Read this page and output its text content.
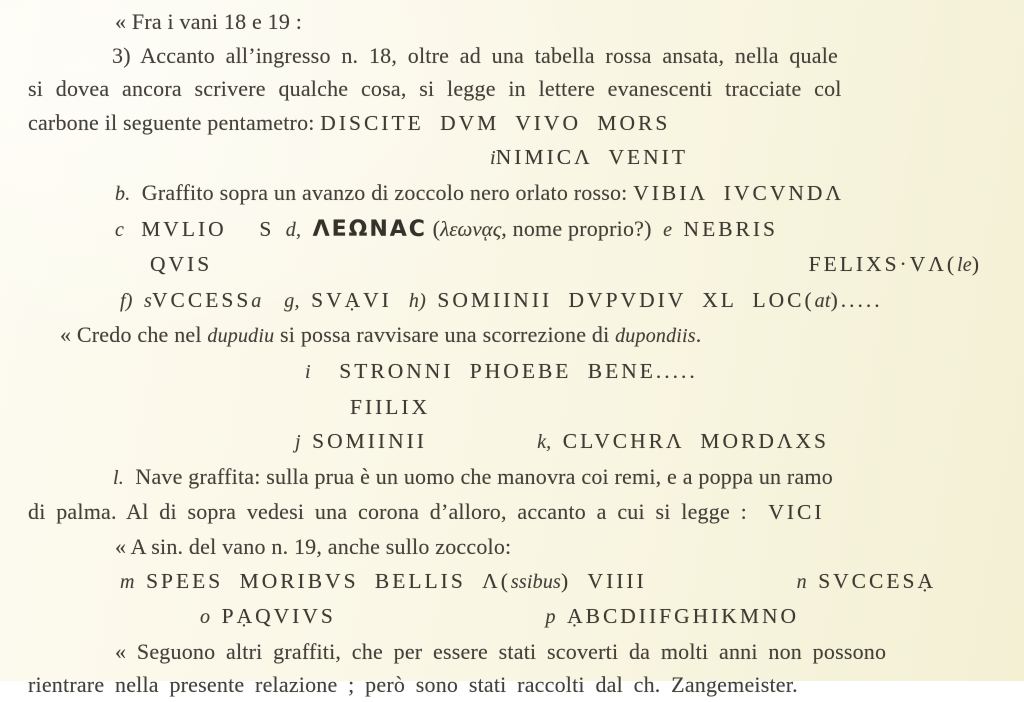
« Fra i vani 18 e 19 :
3) Accanto all’ingresso n. 18, oltre ad una tabella rossa ansata, nella quale
si dovea ancora scrivere qualche cosa, si legge in lettere evanescenti tracciate col
carbone il seguente pentametro: DISCITE DVM VIVO MORS
iNIMICΛ VENIT
b.  Graffito sopra un avanzo di zoccolo nero orlato rosso: VIBIΛ IVCVNDΛ
c MVLIO  S d, ΛΕΩΝΑC (λεωνᾳς, nome proprio?) e NEBRIS
QVIS	FELIXS·VΛ(le)
f) sVCCESSa g, SVẠVI h) SOMIINII DVPVDIV XL LOC(at).....
« Credo che nel dupudiu si possa ravvisare una scorrezione di dupondiis.
i STRONNI PHOEBE BENE.....
FIILIX
j SOMIINII	k, CLVCHRΛ MORDΛXS
l.  Nave graffita: sulla prua è un uomo che manovra coi remi, e a poppa un ramo
di palma. Al di sopra vedesi una corona d’alloro, accanto a cui si legge :  VICI
« A sin. del vano n. 19, anche sullo zoccolo:
m SPEES MORIBVS BELLIS Λ(ssibus) VIIII	n SVCCESẠ
o PẠQVIVS	p ẠBCDIIFGHIKMNO
« Seguono altri graffiti, che per essere stati scoverti da molti anni non possono
rientrare nella presente relazione ; però sono stati raccolti dal ch. Zangemeister.
